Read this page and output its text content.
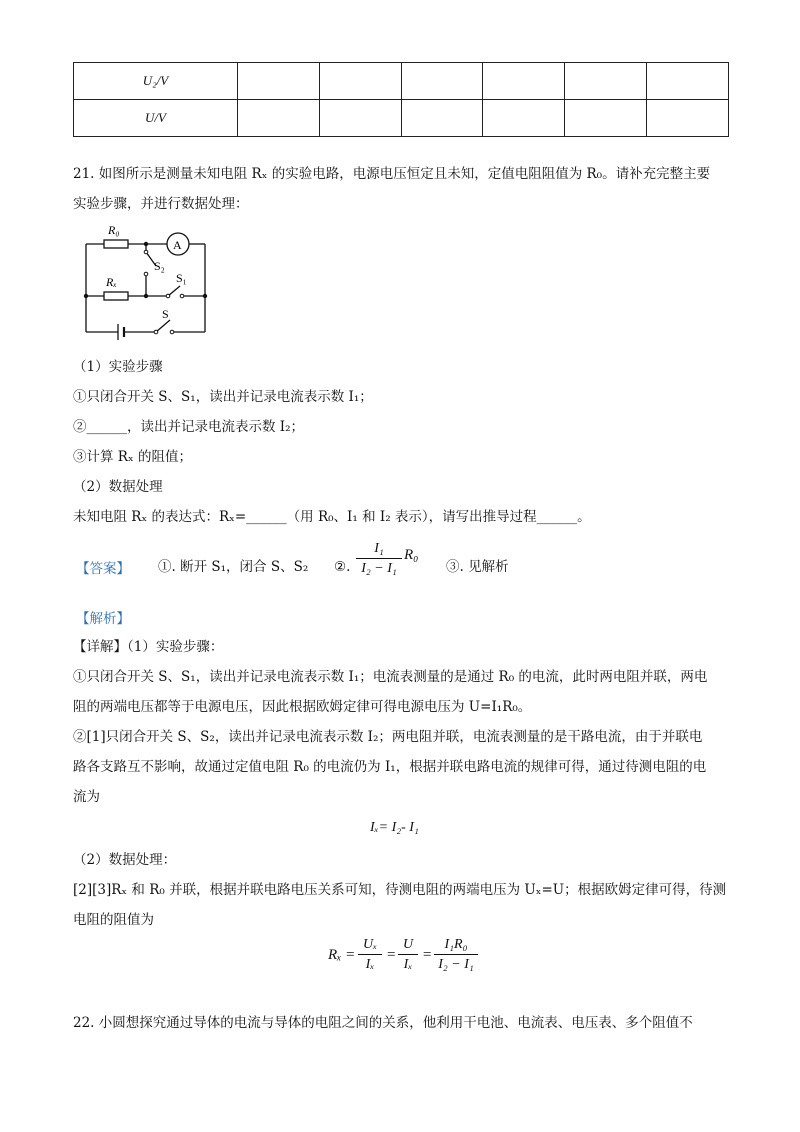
U₂/V						
U/V						
21. 如图所示是测量未知电阻 Rₓ 的实验电路，电源电压恒定且未知，定值电阻阻值为 R₀。请补充完整主要
实验步骤，并进行数据处理：
R₀
A
S₂
Rₓ	S₁
S
（1）实验步骤
①只闭合开关 S、S₁，读出并记录电流表示数 I₁；
②______，读出并记录电流表示数 I₂；
③计算 Rₓ 的阻值；
（2）数据处理
未知电阻 Rₓ 的表达式：Rₓ=______（用 R₀、I₁ 和 I₂ 表示），请写出推导过程______。
【答案】 ①. 断开 S₁，闭合 S、S₂ ②.
I₁
I₂ − I₁
R₀
③. 见解析
【解析】
【详解】（1）实验步骤：
①只闭合开关 S、S₁，读出并记录电流表示数 I₁；电流表测量的是通过 R₀ 的电流，此时两电阻并联，两电
阻的两端电压都等于电源电压，因此根据欧姆定律可得电源电压为 U=I₁R₀。
②[1]只闭合开关 S、S₂，读出并记录电流表示数 I₂；两电阻并联，电流表测量的是干路电流，由于并联电
路各支路互不影响，故通过定值电阻 R₀ 的电流仍为 I₁，根据并联电路电流的规律可得，通过待测电阻的电
流为
Iₓ= I₂- I₁
（2）数据处理：
[2][3]Rₓ 和 R₀ 并联，根据并联电路电压关系可知，待测电阻的两端电压为 Uₓ=U；根据欧姆定律可得，待测
电阻的阻值为
Rₓ =
Uₓ
Iₓ
=
U
Iₓ
=
I₁R₀
I₂ − I₁
22. 小圆想探究通过导体的电流与导体的电阻之间的关系，他利用干电池、电流表、电压表、多个阻值不
